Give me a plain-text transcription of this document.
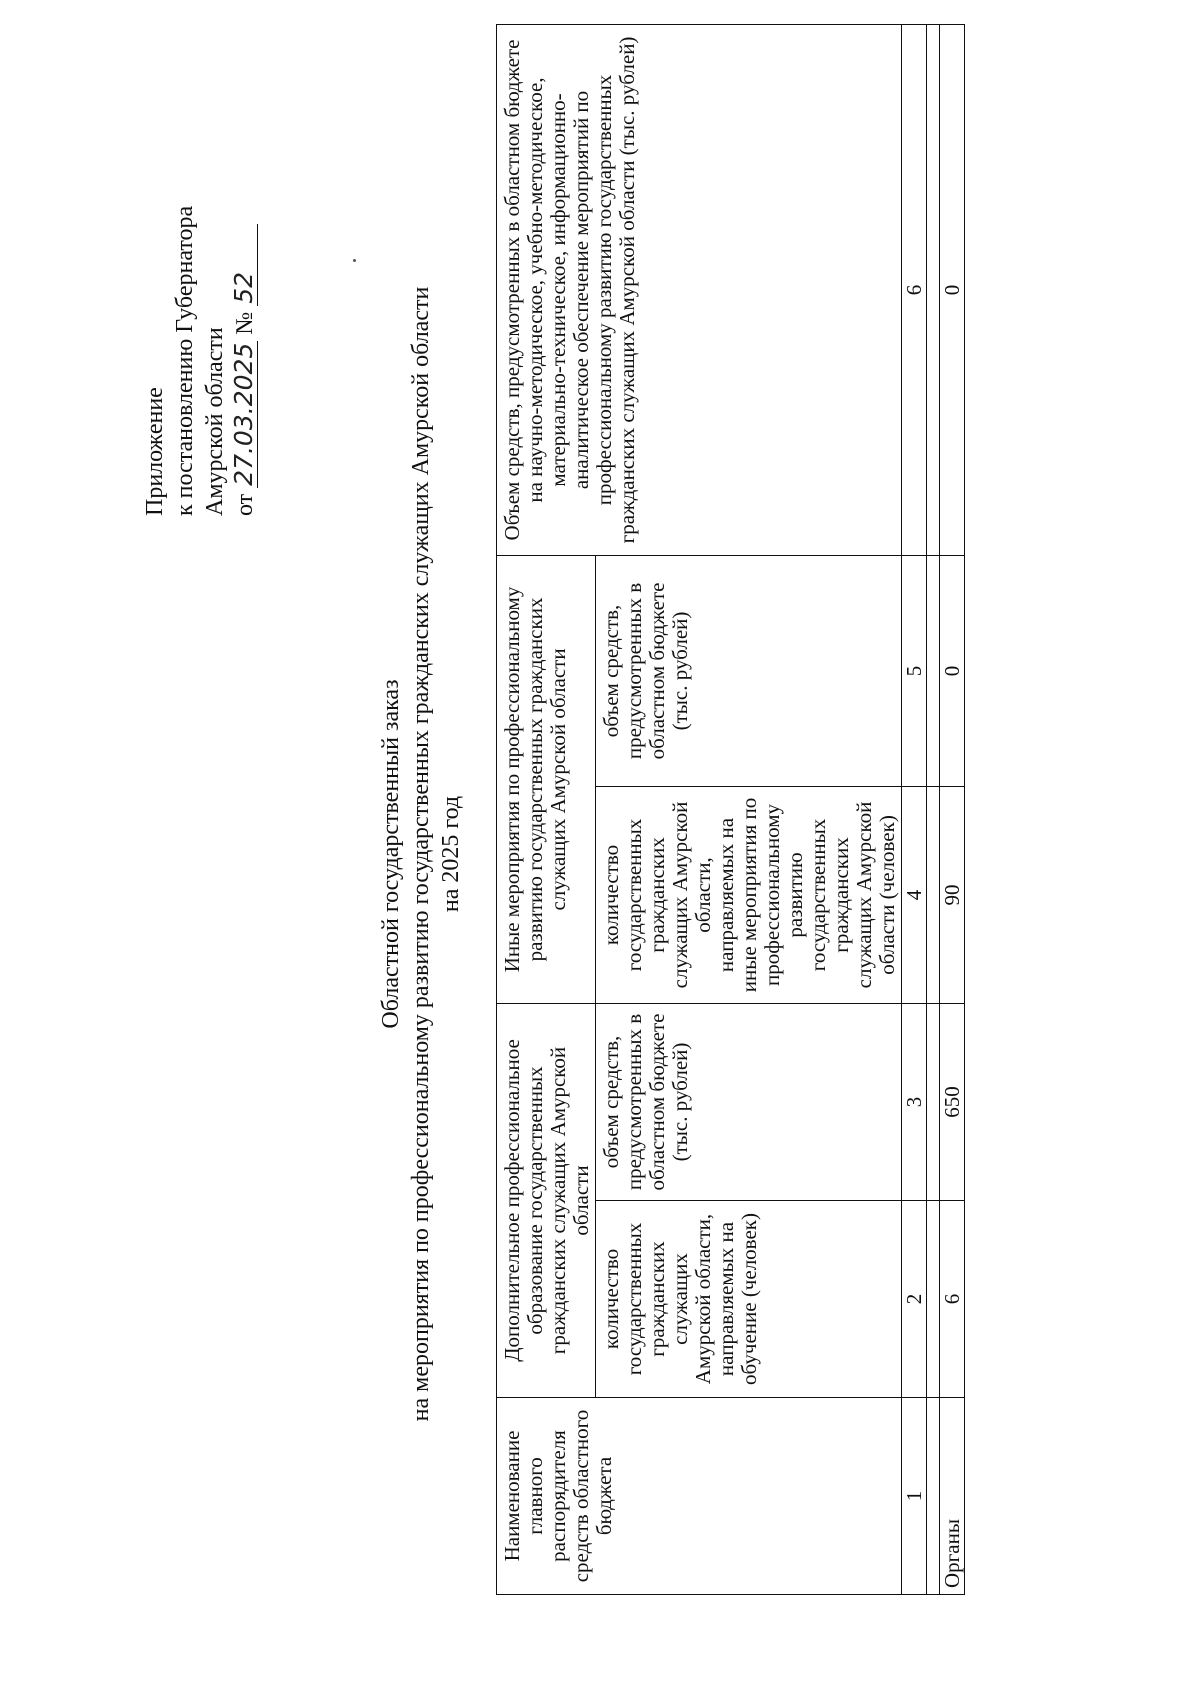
Приложение к постановлению Губернатора Амурской области от 27.03.2025 № 52
Областной государственный заказ на мероприятия по профессиональному развитию государственных гражданских служащих Амурской области на 2025 год
Наименование главного распорядителя средств областного бюджета	Дополнительное профессиональное образование государственных гражданских служащих Амурской области		Иные мероприятия по профессиональному развитию государственных гражданских служащих Амурской области		Объем средств, предусмотренных в областном бюджете на научно-методическое, учебно-методическое, материально-техническое, информационно-аналитическое обеспечение мероприятий по профессиональному развитию государственных гражданских служащих Амурской области (тыс. рублей)
	количество государственных гражданских служащих Амурской области, направляемых на обучение (человек)	объем средств, предусмотренных в областном бюджете (тыс. рублей)	количество государственных гражданских служащих Амурской области, направляемых на иные мероприятия по профессиональному развитию государственных гражданских служащих Амурской области (человек)	объем средств, предусмотренных в областном бюджете (тыс. рублей)	
1	2	3	4	5	6

Органы	6	650	90	0	0
